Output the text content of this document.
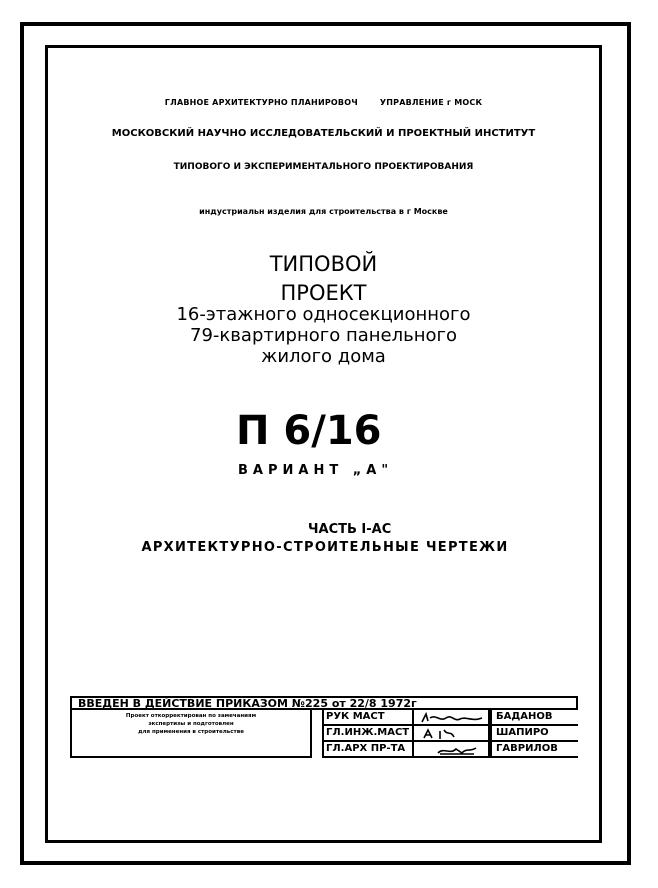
ГЛАВНОЕ АРХИТЕКТУРНО ПЛАНИРОВОЧ	УПРАВЛЕНИЕ г МОСК
МОСКОВСКИЙ НАУЧНО ИССЛЕДОВАТЕЛЬСКИЙ И ПРОЕКТНЫЙ ИНСТИТУТ
ТИПОВОГО И ЭКСПЕРИМЕНТАЛЬНОГО ПРОЕКТИРОВАНИЯ
индустриальн изделия для строительства в г Москве
ТИПОВОЙ
ПРОЕКТ
16-этажного односекционного
79-квартирного панельного
жилого дома
П 6/16
ВАРИАНТ „А"
ЧАСТЬ I-АС
АРХИТЕКТУРНО-СТРОИТЕЛЬНЫЕ ЧЕРТЕЖИ
ВВЕДЕН В ДЕЙСТВИЕ ПРИКАЗОМ №225 от 22/8 1972г
Проект откорректирован по замечаниям
экспертизы и подготовлен
для применения в строительстве
РУК МАСТ	БАДАНОВ
ГЛ.ИНЖ.МАСТ	ШАПИРО
ГЛ.АРХ ПР-ТА	ГАВРИЛОВ
